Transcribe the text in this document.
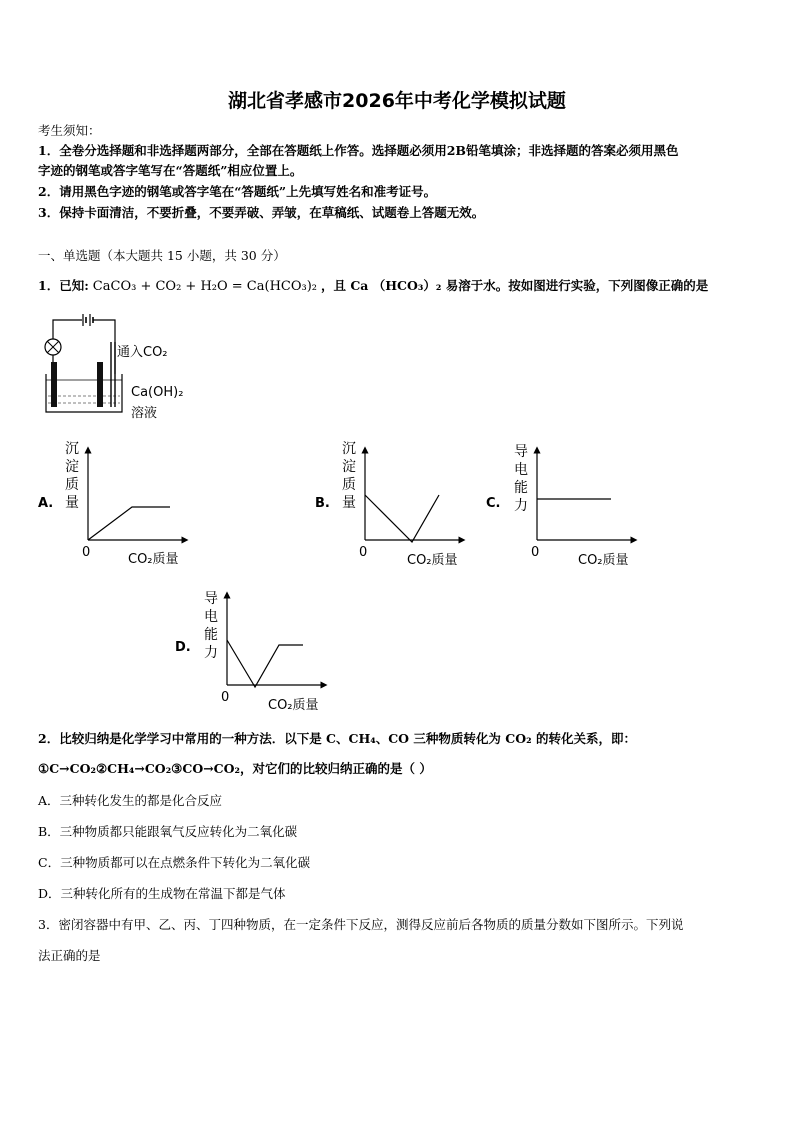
湖北省孝感市2026年中考化学模拟试题
考生须知：
1．全卷分选择题和非选择题两部分，全部在答题纸上作答。选择题必须用2B铅笔填涂；非选择题的答案必须用黑色
字迹的钢笔或答字笔写在“答题纸”相应位置上。
2．请用黑色字迹的钢笔或答字笔在“答题纸”上先填写姓名和准考证号。
3．保持卡面清洁，不要折叠，不要弄破、弄皱，在草稿纸、试题卷上答题无效。
一、单选题（本大题共 15 小题，共 30 分）
1．已知: CaCO₃ + CO₂ + H₂O = Ca(HCO₃)₂ ，且 Ca （HCO₃）₂ 易溶于水。按如图进行实验，下列图像正确的是
通入CO₂
Ca(OH)₂
溶液
A.
沉淀质量
0	CO₂质量
B.
沉淀质量
0
CO₂质量
C.
导电能力
0
CO₂质量
D.
导电能力
0
CO₂质量
2．比较归纳是化学学习中常用的一种方法．以下是 C、CH₄、CO 三种物质转化为 CO₂ 的转化关系，即：
①C→CO₂②CH₄→CO₂③CO→CO₂，对它们的比较归纳正确的是（ ）
A．三种转化发生的都是化合反应
B．三种物质都只能跟氧气反应转化为二氧化碳
C．三种物质都可以在点燃条件下转化为二氧化碳
D．三种转化所有的生成物在常温下都是气体
3．密闭容器中有甲、乙、丙、丁四种物质，在一定条件下反应，测得反应前后各物质的质量分数如下图所示。下列说
法正确的是
